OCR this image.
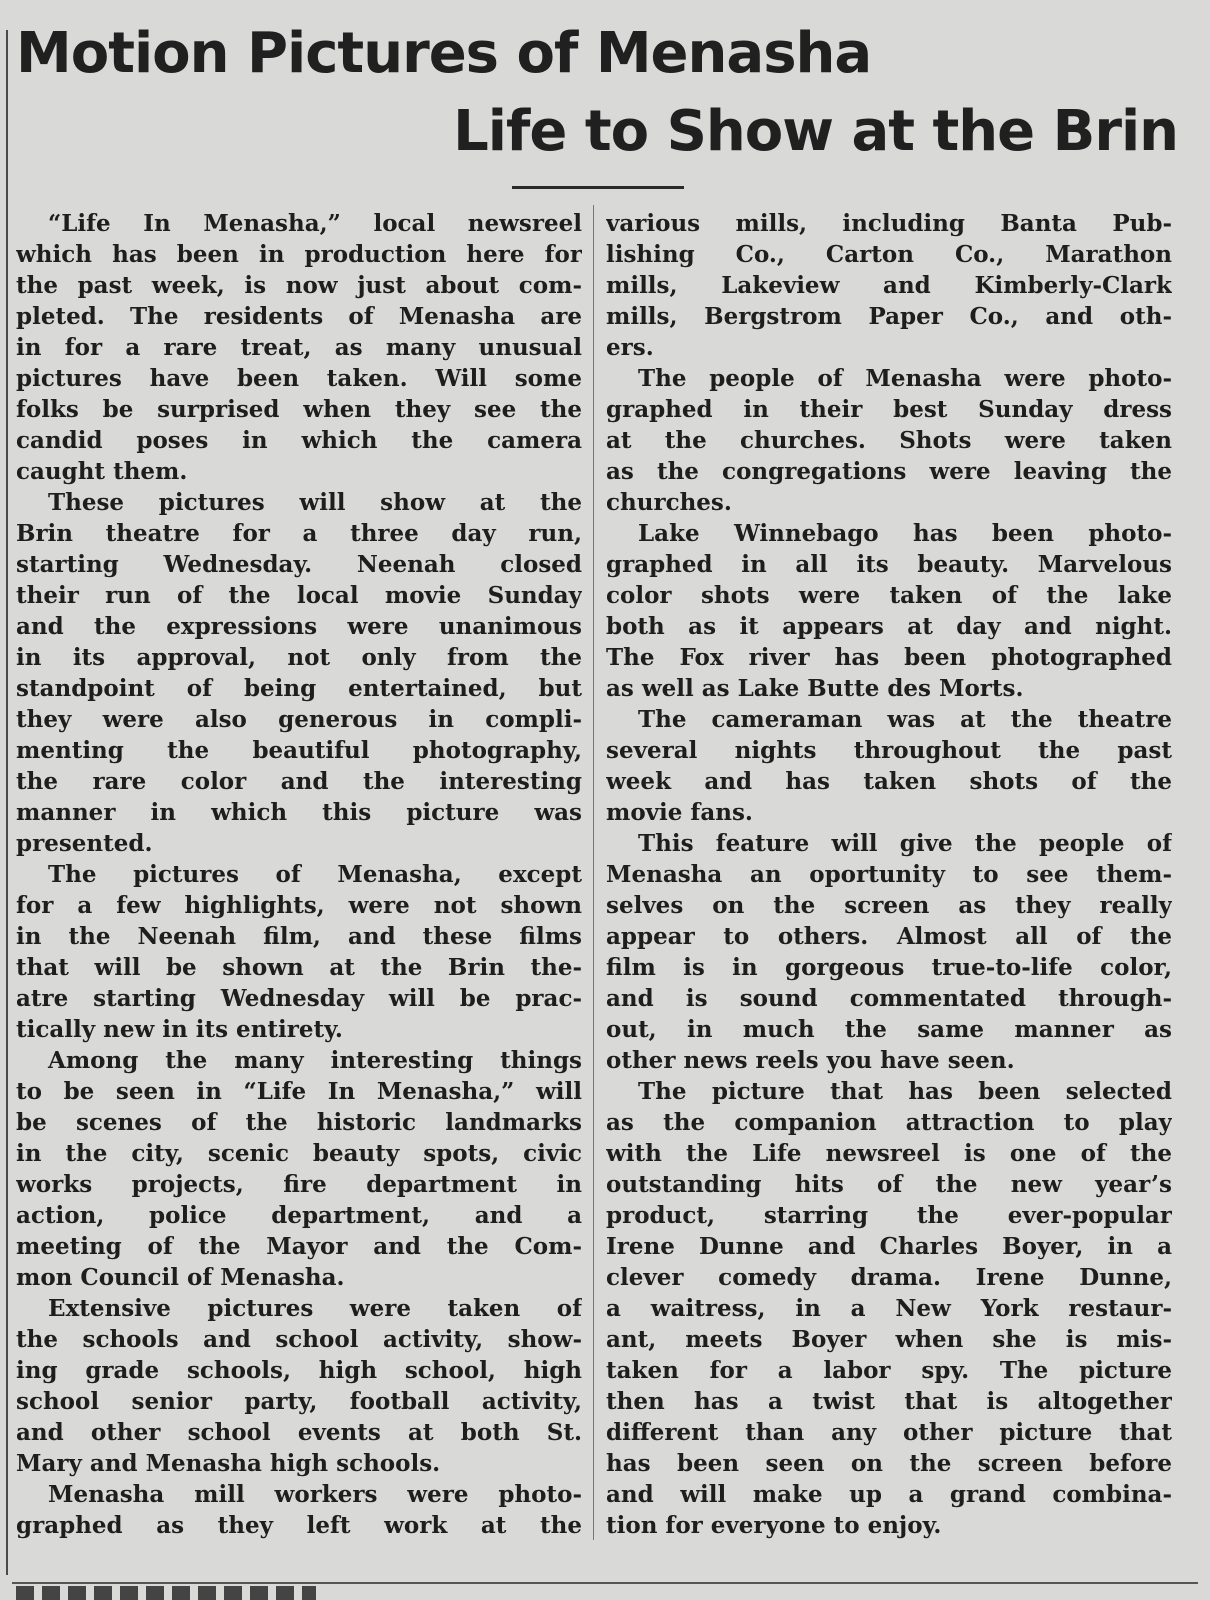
Motion Pictures of Menasha
Life to Show at the Brin
“Life In Menasha,” local newsreel
which has been in production here for
the past week, is now just about com-
pleted. The residents of Menasha are
in for a rare treat, as many unusual
pictures have been taken. Will some
folks be surprised when they see the
candid poses in which the camera
caught them.
These pictures will show at the
Brin theatre for a three day run,
starting Wednesday. Neenah closed
their run of the local movie Sunday
and the expressions were unanimous
in its approval, not only from the
standpoint of being entertained, but
they were also generous in compli-
menting the beautiful photography,
the rare color and the interesting
manner in which this picture was
presented.
The pictures of Menasha, except
for a few highlights, were not shown
in the Neenah film, and these films
that will be shown at the Brin the-
atre starting Wednesday will be prac-
tically new in its entirety.
Among the many interesting things
to be seen in “Life In Menasha,” will
be scenes of the historic landmarks
in the city, scenic beauty spots, civic
works projects, fire department in
action, police department, and a
meeting of the Mayor and the Com-
mon Council of Menasha.
Extensive pictures were taken of
the schools and school activity, show-
ing grade schools, high school, high
school senior party, football activity,
and other school events at both St.
Mary and Menasha high schools.
Menasha mill workers were photo-
graphed as they left work at the
various mills, including Banta Pub-
lishing Co., Carton Co., Marathon
mills, Lakeview and Kimberly-Clark
mills, Bergstrom Paper Co., and oth-
ers.
The people of Menasha were photo-
graphed in their best Sunday dress
at the churches. Shots were taken
as the congregations were leaving the
churches.
Lake Winnebago has been photo-
graphed in all its beauty. Marvelous
color shots were taken of the lake
both as it appears at day and night.
The Fox river has been photographed
as well as Lake Butte des Morts.
The cameraman was at the theatre
several nights throughout the past
week and has taken shots of the
movie fans.
This feature will give the people of
Menasha an oportunity to see them-
selves on the screen as they really
appear to others. Almost all of the
film is in gorgeous true-to-life color,
and is sound commentated through-
out, in much the same manner as
other news reels you have seen.
The picture that has been selected
as the companion attraction to play
with the Life newsreel is one of the
outstanding hits of the new year’s
product, starring the ever-popular
Irene Dunne and Charles Boyer, in a
clever comedy drama. Irene Dunne,
a waitress, in a New York restaur-
ant, meets Boyer when she is mis-
taken for a labor spy. The picture
then has a twist that is altogether
different than any other picture that
has been seen on the screen before
and will make up a grand combina-
tion for everyone to enjoy.
